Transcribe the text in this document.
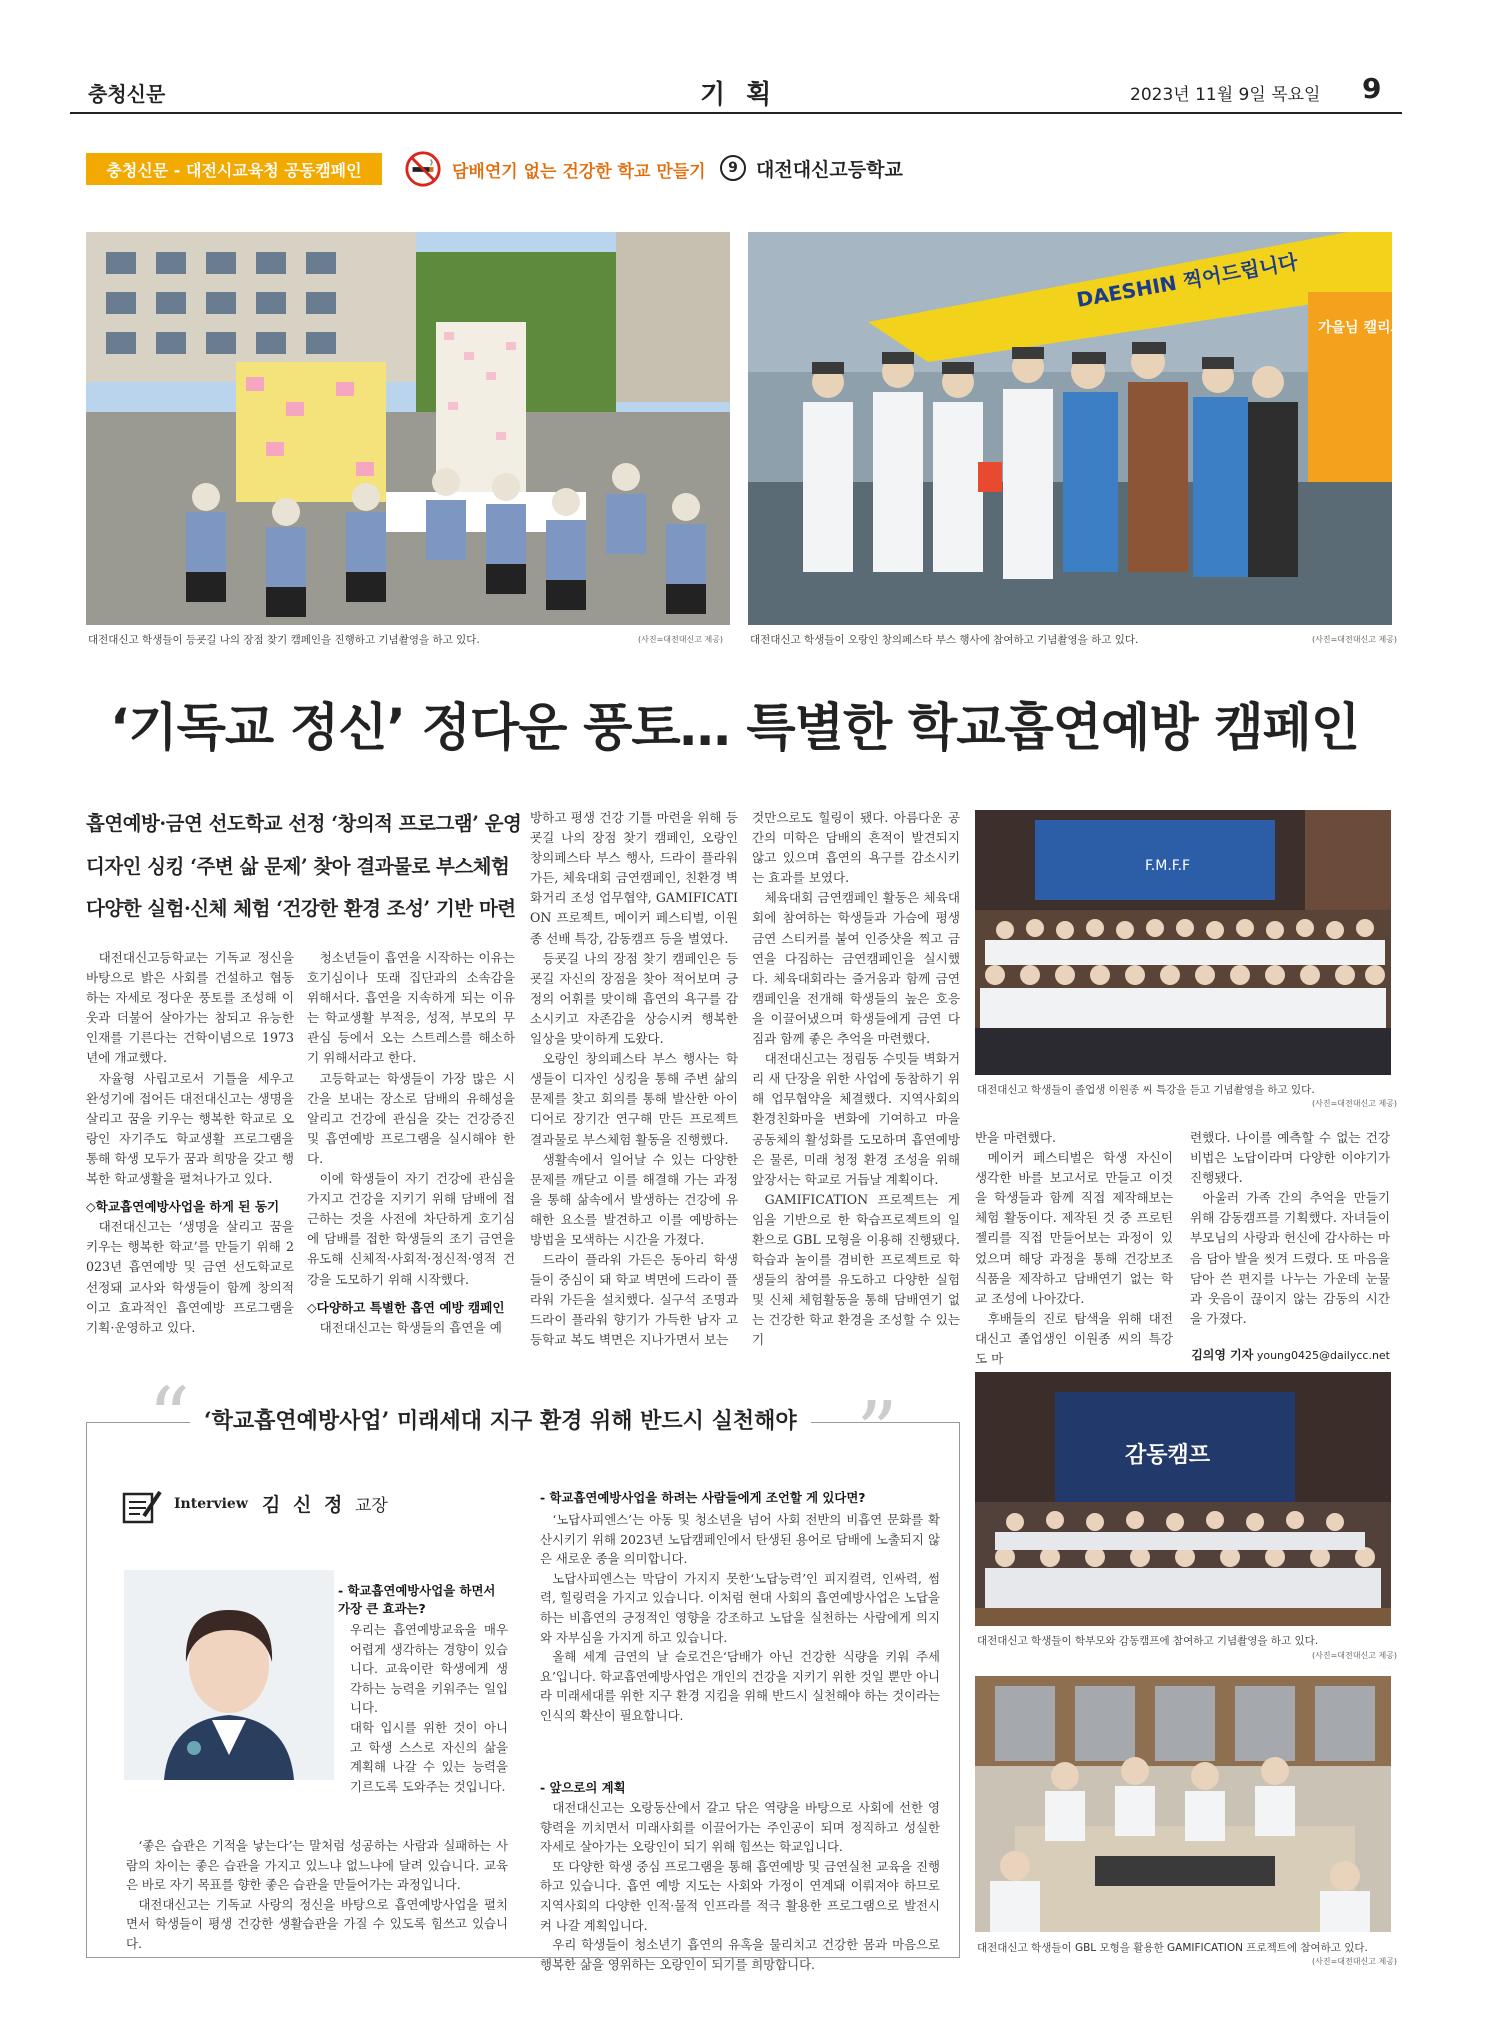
충청신문	기 획	2023년 11월 9일 목요일 9
충청신문 - 대전시교육청 공동캠페인	담배연기 없는 건강한 학교 만들기	9 대전대신고등학교
대전대신고 학생들이 등굣길 나의 장점 찾기 캠페인을 진행하고 기념촬영을 하고 있다.	(사진=대전대신고 제공)
DAESHIN 찍어드립니다
가을님 캘리그
대전대신고 학생들이 오랑인 창의페스타 부스 행사에 참여하고 기념촬영을 하고 있다.	(사진=대전대신고 제공)
‘기독교 정신’ 정다운 풍토… 특별한 학교흡연예방 캠페인
흡연예방·금연 선도학교 선정 ‘창의적 프로그램’ 운영
디자인 싱킹 ‘주변 삶 문제’ 찾아 결과물로 부스체험
다양한 실험·신체 체험 ‘건강한 환경 조성’ 기반 마련

대전대신고등학교는 기독교 정신을 바탕으로 밝은 사회를 건설하고 협동하는 자세로 정다운 풍토를 조성해 이웃과 더불어 살아가는 참되고 유능한 인재를 기른다는 건학이념으로 1973년에 개교했다.

자율형 사립고로서 기틀을 세우고 완성기에 접어든 대전대신고는 생명을 살리고 꿈을 키우는 행복한 학교로 오랑인 자기주도 학교생활 프로그램을 통해 학생 모두가 꿈과 희망을 갖고 행복한 학교생활을 펼쳐나가고 있다.

◇학교흡연예방사업을 하게 된 동기

대전대신고는 ‘생명을 살리고 꿈을 키우는 행복한 학교’를 만들기 위해 2023년 흡연예방 및 금연 선도학교로 선정돼 교사와 학생들이 함께 창의적이고 효과적인 흡연예방 프로그램을 기획·운영하고 있다.

청소년들이 흡연을 시작하는 이유는 호기심이나 또래 집단과의 소속감을 위해서다. 흡연을 지속하게 되는 이유는 학교생활 부적응, 성적, 부모의 무관심 등에서 오는 스트레스를 해소하기 위해서라고 한다.

고등학교는 학생들이 가장 많은 시간을 보내는 장소로 담배의 유해성을 알리고 건강에 관심을 갖는 건강증진 및 흡연예방 프로그램을 실시해야 한다.

이에 학생들이 자기 건강에 관심을 가지고 건강을 지키기 위해 담배에 접근하는 것을 사전에 차단하게 호기심에 담배를 접한 학생들의 조기 금연을 유도해 신체적·사회적·정신적·영적 건강을 도모하기 위해 시작했다.

◇다양하고 특별한 흡연 예방 캠페인

대전대신고는 학생들의 흡연을 예

방하고 평생 건강 기틀 마련을 위해 등굣길 나의 장점 찾기 캠페인, 오랑인 창의페스타 부스 행사, 드라이 플라워 가든, 체육대회 금연캠페인, 친환경 벽화거리 조성 업무협약, GAMIFICATION 프로젝트, 메이커 페스티벌, 이원종 선배 특강, 감동캠프 등을 벌였다.

등굣길 나의 장점 찾기 캠페인은 등굣길 자신의 장점을 찾아 적어보며 긍정의 어휘를 맞이해 흡연의 욕구를 감소시키고 자존감을 상승시켜 행복한 일상을 맞이하게 도왔다.

오랑인 창의페스타 부스 행사는 학생들이 디자인 싱킹을 통해 주변 삶의 문제를 찾고 회의를 통해 발산한 아이디어로 장기간 연구해 만든 프로젝트 결과물로 부스체험 활동을 진행했다.

생활속에서 일어날 수 있는 다양한 문제를 깨닫고 이를 해결해 가는 과정을 통해 삶속에서 발생하는 건강에 유해한 요소를 발견하고 이를 예방하는 방법을 모색하는 시간을 가졌다.

드라이 플라워 가든은 동아리 학생들이 중심이 돼 학교 벽면에 드라이 플라워 가든을 설치했다. 실구석 조명과 드라이 플라워 향기가 가득한 남자 고등학교 복도 벽면은 지나가면서 보는

것만으로도 힐링이 됐다. 아름다운 공간의 미학은 담배의 흔적이 발견되지 않고 있으며 흡연의 욕구를 감소시키는 효과를 보였다.

체육대회 금연캠페인 활동은 체육대회에 참여하는 학생들과 가슴에 평생 금연 스티커를 붙여 인증샷을 찍고 금연을 다짐하는 금연캠페인을 실시했다. 체육대회라는 즐거움과 함께 금연캠페인을 전개해 학생들의 높은 호응을 이끌어냈으며 학생들에게 금연 다짐과 함께 좋은 추억을 마련했다.

대전대신고는 정림동 수밋들 벽화거리 새 단장을 위한 사업에 동참하기 위해 업무협약을 체결했다. 지역사회의 환경친화마을 변화에 기여하고 마을 공동체의 활성화를 도모하며 흡연예방은 물론, 미래 청정 환경 조성을 위해 앞장서는 학교로 거듭날 계획이다.

GAMIFICATION 프로젝트는 게임을 기반으로 한 학습프로젝트의 일환으로 GBL 모형을 이용해 진행됐다. 학습과 놀이를 겸비한 프로젝트로 학생들의 참여를 유도하고 다양한 실험 및 신체 체험활동을 통해 담배연기 없는 건강한 학교 환경을 조성할 수 있는 기

F.M.F.F
대전대신고 학생들이 졸업생 이원종 씨 특강을 듣고 기념촬영을 하고 있다.
(사진=대전대신고 제공)

반을 마련했다.

메이커 페스티벌은 학생 자신이 생각한 바를 보고서로 만들고 이것을 학생들과 함께 직접 제작해보는 체험 활동이다. 제작된 것 중 프로틴 젤리를 직접 만들어보는 과정이 있었으며 해당 과정을 통해 건강보조식품을 제작하고 담배연기 없는 학교 조성에 나아갔다.

후배들의 진로 탐색을 위해 대전대신고 졸업생인 이원종 씨의 특강도 마

련했다. 나이를 예측할 수 없는 건강비법은 노답이라며 다양한 이야기가 진행됐다.

아울러 가족 간의 추억을 만들기 위해 감동캠프를 기획했다. 자녀들이 부모님의 사랑과 헌신에 감사하는 마음 담아 발을 씻겨 드렸다. 또 마음을 담아 쓴 편지를 나누는 가운데 눈물과 웃음이 끊이지 않는 감동의 시간을 가졌다.

김의영 기자 young0425@dailycc.net
감동캠프
대전대신고 학생들이 학부모와 감동캠프에 참여하고 기념촬영을 하고 있다.
(사진=대전대신고 제공)
대전대신고 학생들이 GBL 모형을 활용한 GAMIFICATION 프로젝트에 참여하고 있다.
(사진=대전대신고 제공)
“ ‘학교흡연예방사업’ 미래세대 지구 환경 위해 반드시 실천해야 ”
Interview 김 신 정 교장
- 학교흡연예방사업을 하면서 가장 큰 효과는?

우리는 흡연예방교육을 매우 어렵게 생각하는 경향이 있습니다. 교육이란 학생에게 생각하는 능력을 키워주는 일입니다.

대학 입시를 위한 것이 아니고 학생 스스로 자신의 삶을 계획해 나갈 수 있는 능력을 기르도록 도와주는 것입니다.

‘좋은 습관은 기적을 낳는다’는 말처럼 성공하는 사람과 실패하는 사람의 차이는 좋은 습관을 가지고 있느냐 없느냐에 달려 있습니다. 교육은 바로 자기 목표를 향한 좋은 습관을 만들어가는 과정입니다.

대전대신고는 기독교 사랑의 정신을 바탕으로 흡연예방사업을 펼치면서 학생들이 평생 건강한 생활습관을 가질 수 있도록 힘쓰고 있습니다.

- 학교흡연예방사업을 하려는 사람들에게 조언할 게 있다면?

‘노답사피엔스’는 아동 및 청소년을 넘어 사회 전반의 비흡연 문화를 확산시키기 위해 2023년 노답캠페인에서 탄생된 용어로 담배에 노출되지 않은 새로운 종을 의미합니다.

노답사피엔스는 막담이 가지지 못한‘노답능력’인 피지컬력, 인싸력, 썸력, 힐링력을 가지고 있습니다. 이처럼 현대 사회의 흡연예방사업은 노답을 하는 비흡연의 긍정적인 영향을 강조하고 노답을 실천하는 사람에게 의지와 자부심을 가지게 하고 있습니다.

올해 세계 금연의 날 슬로건은‘담배가 아닌 건강한 식량을 키워 주세요’입니다. 학교흡연예방사업은 개인의 건강을 지키기 위한 것일 뿐만 아니라 미래세대를 위한 지구 환경 지킴을 위해 반드시 실천해야 하는 것이라는 인식의 확산이 필요합니다.

- 앞으로의 계획

대전대신고는 오랑동산에서 갈고 닦은 역량을 바탕으로 사회에 선한 영향력을 끼치면서 미래사회를 이끌어가는 주인공이 되며 정직하고 성실한 자세로 살아가는 오랑인이 되기 위해 힘쓰는 학교입니다.

또 다양한 학생 중심 프로그램을 통해 흡연예방 및 금연실천 교육을 진행하고 있습니다. 흡연 예방 지도는 사회와 가정이 연계돼 이뤄져야 하므로 지역사회의 다양한 인적·물적 인프라를 적극 활용한 프로그램으로 발전시켜 나갈 계획입니다.

우리 학생들이 청소년기 흡연의 유혹을 물리치고 건강한 몸과 마음으로 행복한 삶을 영위하는 오랑인이 되기를 희망합니다.
